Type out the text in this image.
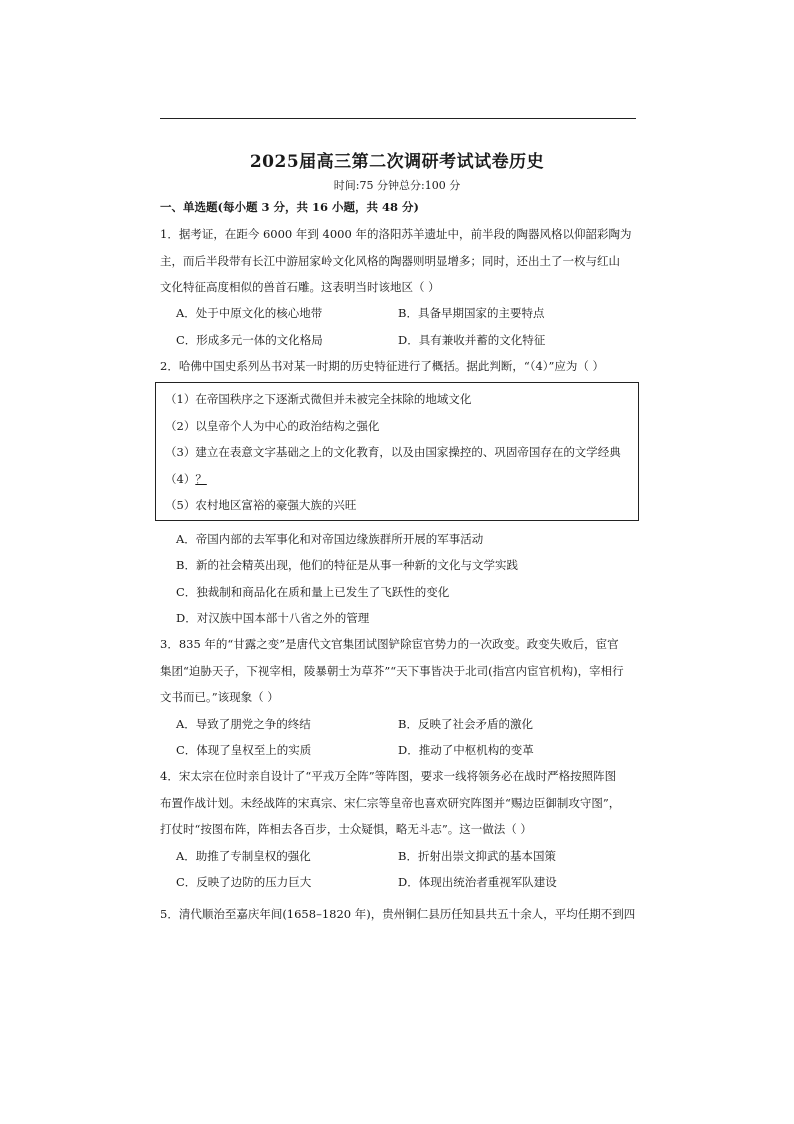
2025届高三第二次调研考试试卷历史
时间:75 分钟总分:100 分
一、单选题(每小题 3 分，共 16 小题，共 48 分)
1．据考证，在距今 6000 年到 4000 年的洛阳苏羊遗址中，前半段的陶器风格以仰韶彩陶为
主，而后半段带有长江中游屈家岭文化风格的陶器则明显增多；同时，还出土了一枚与红山
文化特征高度相似的兽首石雕。这表明当时该地区（ ）
A．处于中原文化的核心地带	B．具备早期国家的主要特点
C．形成多元一体的文化格局	D．具有兼收并蓄的文化特征
2．哈佛中国史系列丛书对某一时期的历史特征进行了概括。据此判断，“（4）”应为（ ）
（1）在帝国秩序之下逐渐式微但并未被完全抹除的地域文化
（2）以皇帝个人为中心的政治结构之强化
（3）建立在表意文字基础之上的文化教育，以及由国家操控的、巩固帝国存在的文学经典
（4）？
（5）农村地区富裕的豪强大族的兴旺
A．帝国内部的去军事化和对帝国边缘族群所开展的军事活动
B．新的社会精英出现，他们的特征是从事一种新的文化与文学实践
C．独裁制和商品化在质和量上已发生了飞跃性的变化
D．对汉族中国本部十八省之外的管理
3．835 年的“甘露之变”是唐代文官集团试图铲除宦官势力的一次政变。政变失败后，宦官
集团“迫胁天子，下视宰相，陵暴朝士为草芥”“天下事皆决于北司(指宫内宦官机构)，宰相行
文书而已。”该现象（ ）
A．导致了朋党之争的终结	B．反映了社会矛盾的激化
C．体现了皇权至上的实质	D．推动了中枢机构的变革
4．宋太宗在位时亲自设计了“平戎万全阵”等阵图，要求一线将领务必在战时严格按照阵图
布置作战计划。未经战阵的宋真宗、宋仁宗等皇帝也喜欢研究阵图并“赐边臣御制攻守图”，
打仗时“按图布阵，阵相去各百步，士众疑惧，略无斗志”。这一做法（ ）
A．助推了专制皇权的强化	B．折射出崇文抑武的基本国策
C．反映了边防的压力巨大	D．体现出统治者重视军队建设
5．清代顺治至嘉庆年间(1658–1820 年)，贵州铜仁县历任知县共五十余人，平均任期不到四
